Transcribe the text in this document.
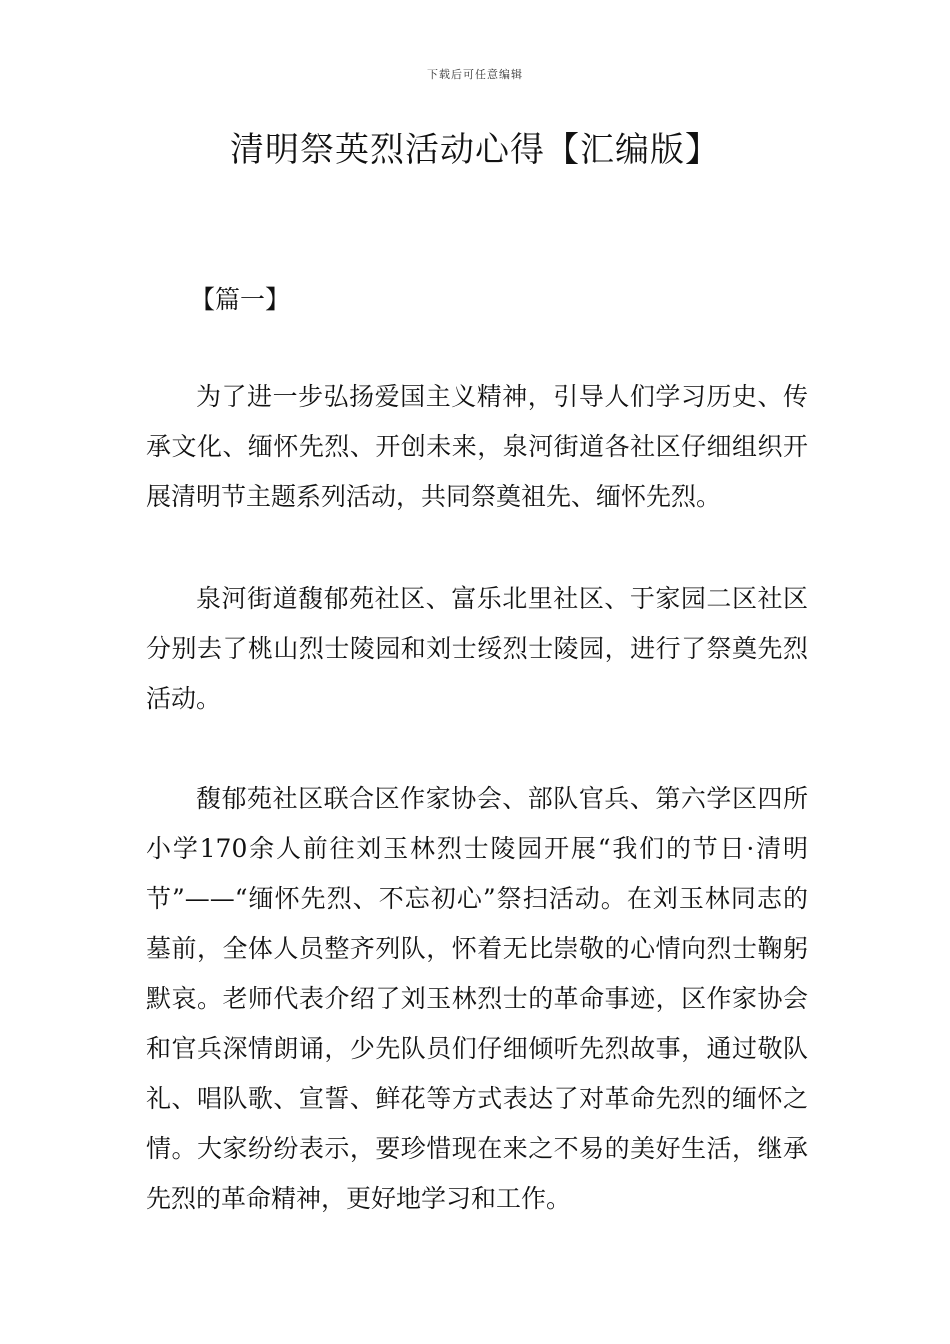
下载后可任意编辑
清明祭英烈活动心得【汇编版】

【篇一】

为了进一步弘扬爱国主义精神，引导人们学习历史、传承文化、缅怀先烈、开创未来，泉河街道各社区仔细组织开展清明节主题系列活动，共同祭奠祖先、缅怀先烈。

泉河街道馥郁苑社区、富乐北里社区、于家园二区社区分别去了桃山烈士陵园和刘士绥烈士陵园，进行了祭奠先烈活动。

馥郁苑社区联合区作家协会、部队官兵、第六学区四所小学170余人前往刘玉林烈士陵园开展“我们的节日·清明节”——“缅怀先烈、不忘初心”祭扫活动。在刘玉林同志的墓前，全体人员整齐列队，怀着无比崇敬的心情向烈士鞠躬默哀。老师代表介绍了刘玉林烈士的革命事迹，区作家协会和官兵深情朗诵，少先队员们仔细倾听先烈故事，通过敬队礼、唱队歌、宣誓、鲜花等方式表达了对革命先烈的缅怀之情。大家纷纷表示，要珍惜现在来之不易的美好生活，继承先烈的革命精神，更好地学习和工作。
